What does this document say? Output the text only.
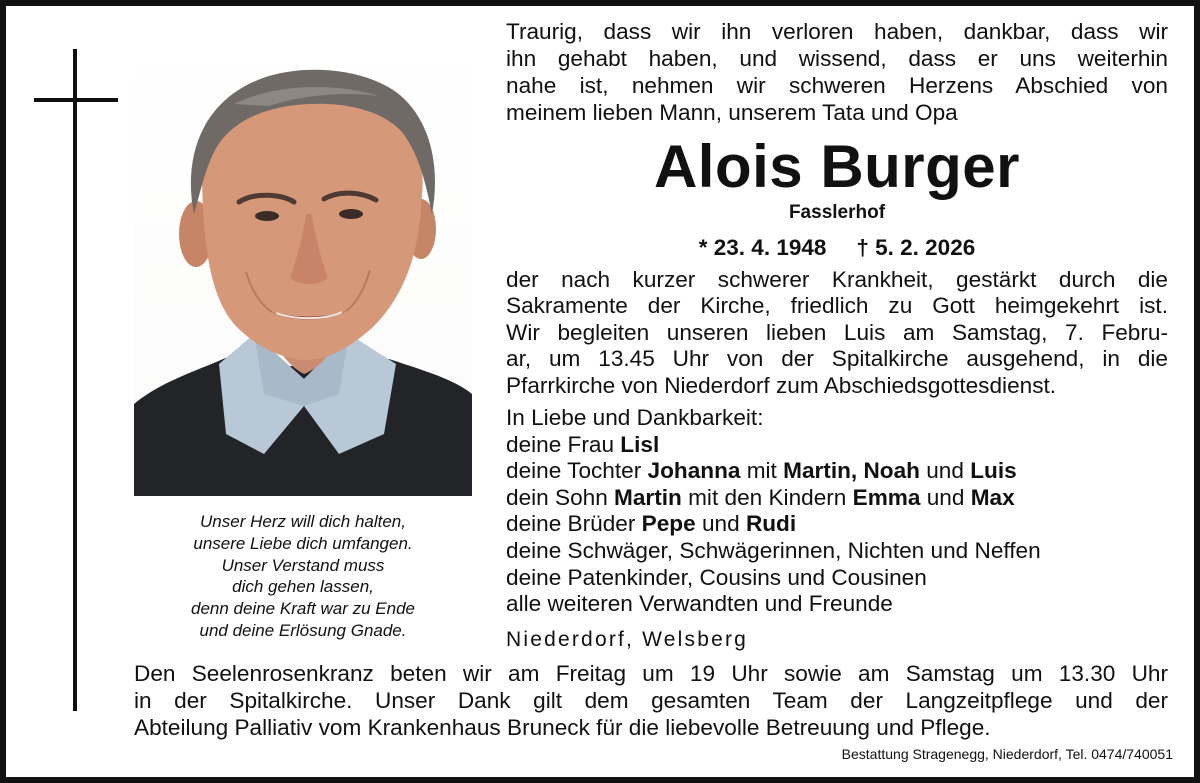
Unser Herz will dich halten,
unsere Liebe dich umfangen.
Unser Verstand muss
dich gehen lassen,
denn deine Kraft war zu Ende
und deine Erlösung Gnade.
Traurig, dass wir ihn verloren haben, dankbar, dass wir
ihn gehabt haben, und wissend, dass er uns weiterhin
nahe ist, nehmen wir schweren Herzens Abschied von
meinem lieben Mann, unserem Tata und Opa
Alois Burger
Fasslerhof
* 23. 4. 1948 † 5. 2. 2026
der nach kurzer schwerer Krankheit, gestärkt durch die
Sakramente der Kirche, friedlich zu Gott heimgekehrt ist.
Wir begleiten unseren lieben Luis am Samstag, 7. Febru‑
ar, um 13.45 Uhr von der Spitalkirche ausgehend, in die
Pfarrkirche von Niederdorf zum Abschiedsgottesdienst.
In Liebe und Dankbarkeit:
deine Frau Lisl
deine Tochter Johanna mit Martin, Noah und Luis
dein Sohn Martin mit den Kindern Emma und Max
deine Brüder Pepe und Rudi
deine Schwäger, Schwägerinnen, Nichten und Neffen
deine Patenkinder, Cousins und Cousinen
alle weiteren Verwandten und Freunde
Niederdorf, Welsberg
Den Seelenrosenkranz beten wir am Freitag um 19 Uhr sowie am Samstag um 13.30 Uhr
in der Spitalkirche. Unser Dank gilt dem gesamten Team der Langzeitpflege und der
Abteilung Palliativ vom Krankenhaus Bruneck für die liebevolle Betreuung und Pflege.
Bestattung Stragenegg, Niederdorf, Tel. 0474/740051
